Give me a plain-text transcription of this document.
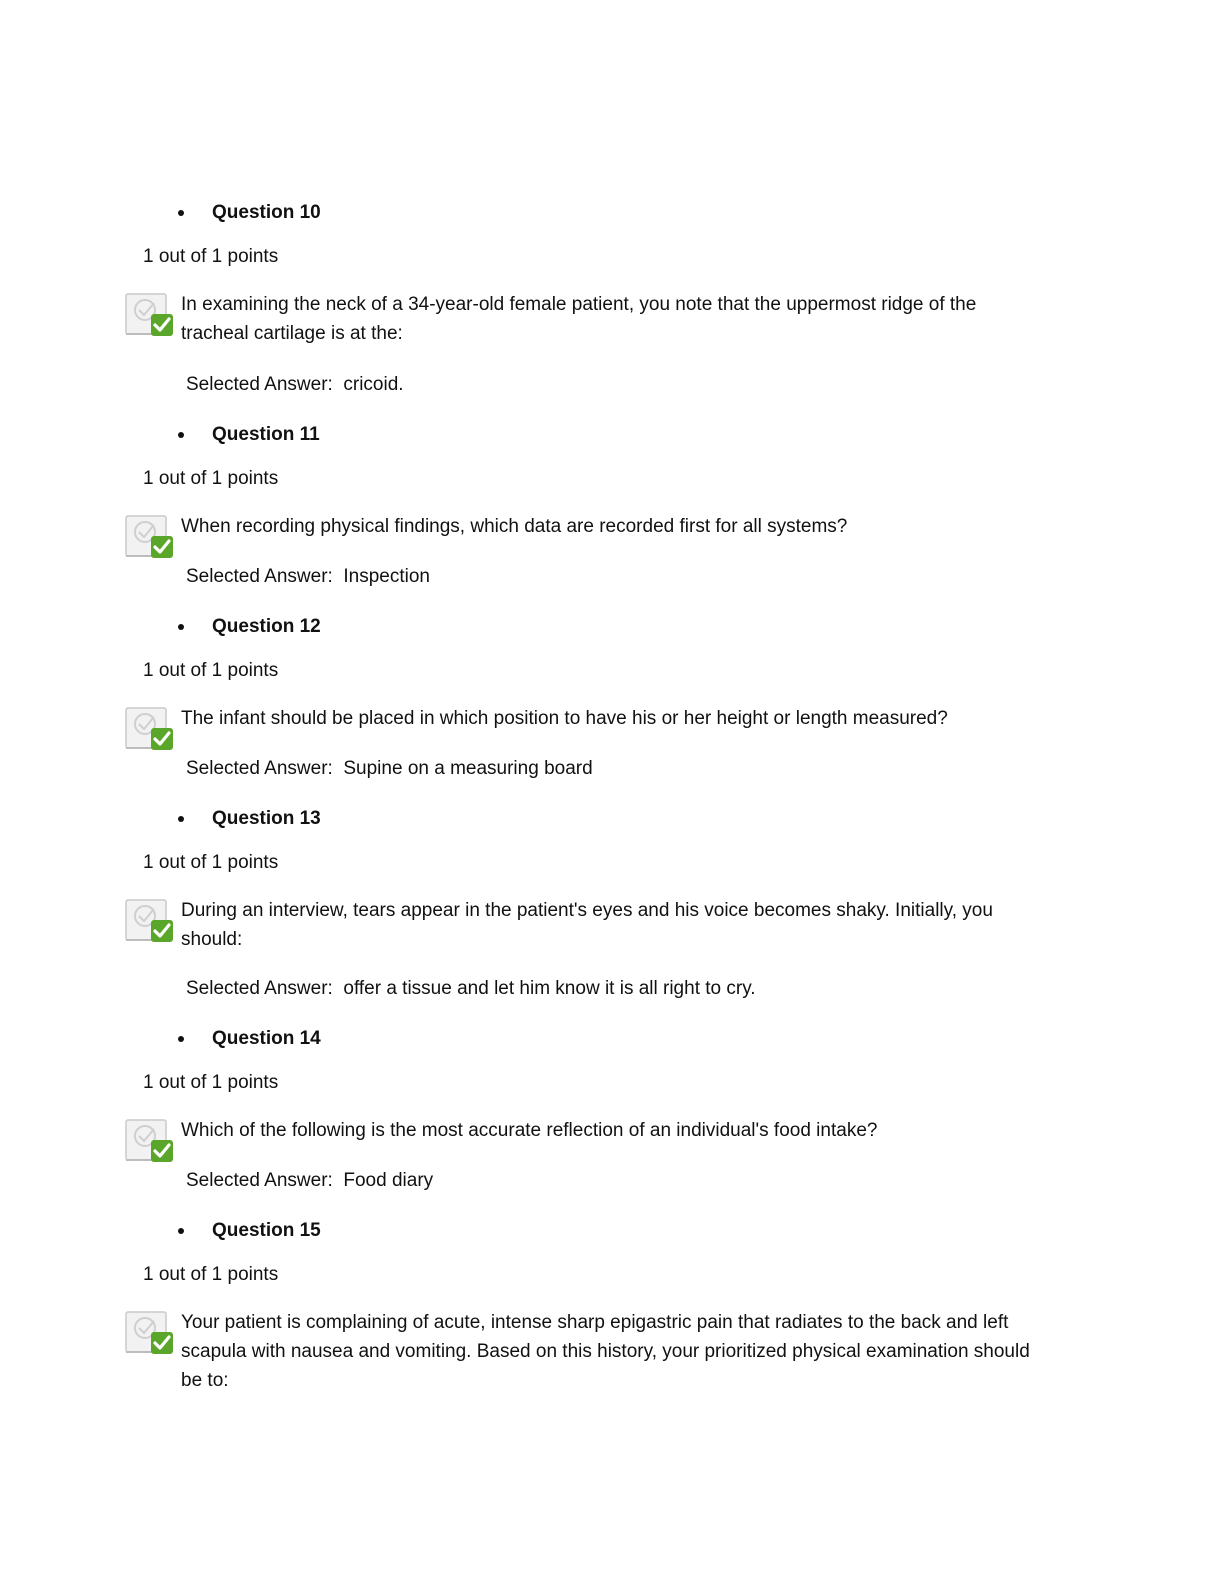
Question 10
1 out of 1 points
In examining the neck of a 34-year-old female patient, you note that the uppermost ridge of the tracheal cartilage is at the:
Selected Answer: cricoid.
Question 11
1 out of 1 points
When recording physical findings, which data are recorded first for all systems?
Selected Answer: Inspection
Question 12
1 out of 1 points
The infant should be placed in which position to have his or her height or length measured?
Selected Answer: Supine on a measuring board
Question 13
1 out of 1 points
During an interview, tears appear in the patient's eyes and his voice becomes shaky. Initially, you should:
Selected Answer: offer a tissue and let him know it is all right to cry.
Question 14
1 out of 1 points
Which of the following is the most accurate reflection of an individual's food intake?
Selected Answer: Food diary
Question 15
1 out of 1 points
Your patient is complaining of acute, intense sharp epigastric pain that radiates to the back and left scapula with nausea and vomiting. Based on this history, your prioritized physical examination should be to:
